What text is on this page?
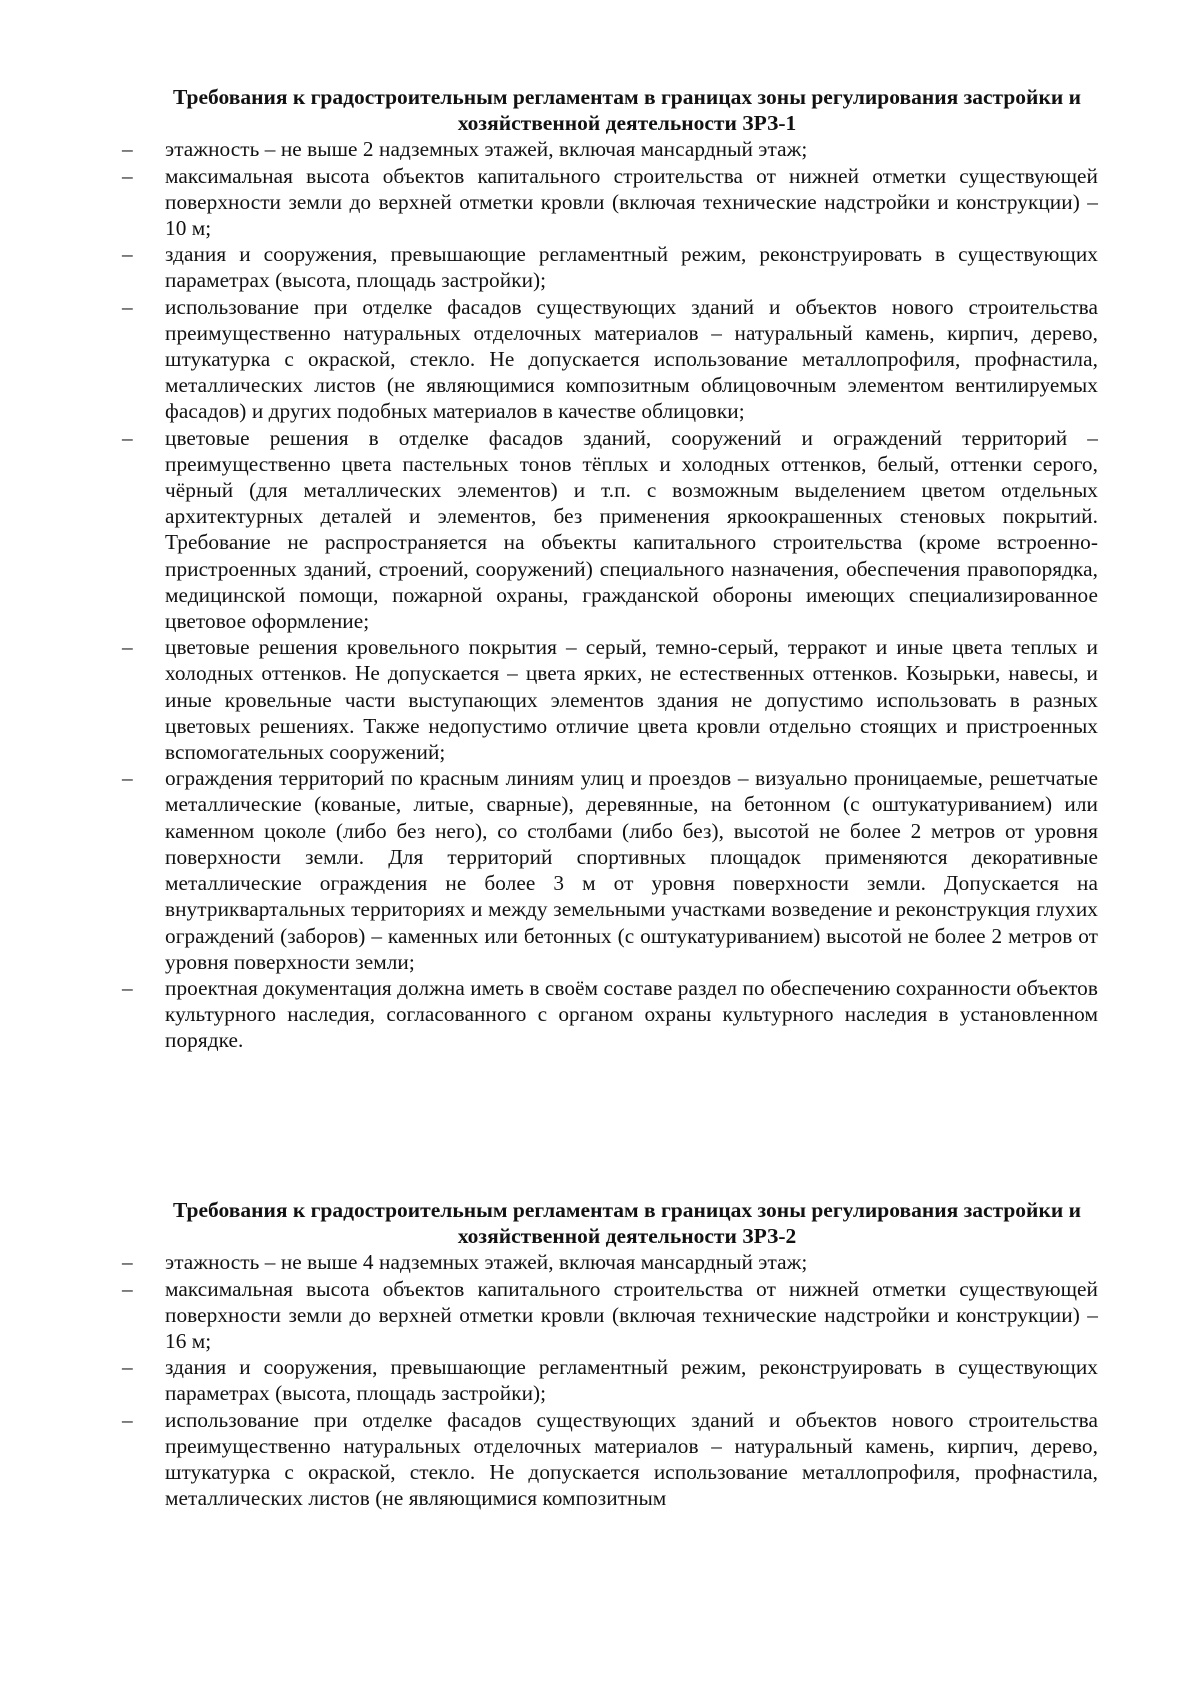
Требования к градостроительным регламентам в границах зоны регулирования застройки и хозяйственной деятельности ЗРЗ-1
–	этажность – не выше 2 надземных этажей, включая мансардный этаж;
–	максимальная высота объектов капитального строительства от нижней отметки существующей поверхности земли до верхней отметки кровли (включая технические надстройки и конструкции) – 10 м;
–	здания и сооружения, превышающие регламентный режим, реконструировать в существующих параметрах (высота, площадь застройки);
–	использование при отделке фасадов существующих зданий и объектов нового строительства преимущественно натуральных отделочных материалов – натуральный камень, кирпич, дерево, штукатурка с окраской, стекло. Не допускается использование металлопрофиля, профнастила, металлических листов (не являющимися композитным облицовочным элементом вентилируемых фасадов) и других подобных материалов в качестве облицовки;
–	цветовые решения в отделке фасадов зданий, сооружений и ограждений территорий – преимущественно цвета пастельных тонов тёплых и холодных оттенков, белый, оттенки серого, чёрный (для металлических элементов) и т.п. с возможным выделением цветом отдельных архитектурных деталей и элементов, без применения яркоокрашенных стеновых покрытий. Требование не распространяется на объекты капитального строительства (кроме встроенно-пристроенных зданий, строений, сооружений) специального назначения, обеспечения правопорядка, медицинской помощи, пожарной охраны, гражданской обороны имеющих специализированное цветовое оформление;
–	цветовые решения кровельного покрытия – серый, темно-серый, терракот и иные цвета теплых и холодных оттенков. Не допускается – цвета ярких, не естественных оттенков. Козырьки, навесы, и иные кровельные части выступающих элементов здания не допустимо использовать в разных цветовых решениях. Также недопустимо отличие цвета кровли отдельно стоящих и пристроенных вспомогательных сооружений;
–	ограждения территорий по красным линиям улиц и проездов – визуально проницаемые, решетчатые металлические (кованые, литые, сварные), деревянные, на бетонном (с оштукатуриванием) или каменном цоколе (либо без него), со столбами (либо без), высотой не более 2 метров от уровня поверхности земли. Для территорий спортивных площадок применяются декоративные металлические ограждения не более 3 м от уровня поверхности земли. Допускается на внутриквартальных территориях и между земельными участками возведение и реконструкция глухих ограждений (заборов) – каменных или бетонных (с оштукатуриванием) высотой не более 2 метров от уровня поверхности земли;
–	проектная документация должна иметь в своём составе раздел по обеспечению сохранности объектов культурного наследия, согласованного с органом охраны культурного наследия в установленном порядке.
Требования к градостроительным регламентам в границах зоны регулирования застройки и хозяйственной деятельности ЗРЗ-2
–	этажность – не выше 4 надземных этажей, включая мансардный этаж;
–	максимальная высота объектов капитального строительства от нижней отметки существующей поверхности земли до верхней отметки кровли (включая технические надстройки и конструкции) – 16 м;
–	здания и сооружения, превышающие регламентный режим, реконструировать в существующих параметрах (высота, площадь застройки);
–	использование при отделке фасадов существующих зданий и объектов нового строительства преимущественно натуральных отделочных материалов – натуральный камень, кирпич, дерево, штукатурка с окраской, стекло. Не допускается использование металлопрофиля, профнастила, металлических листов (не являющимися композитным
